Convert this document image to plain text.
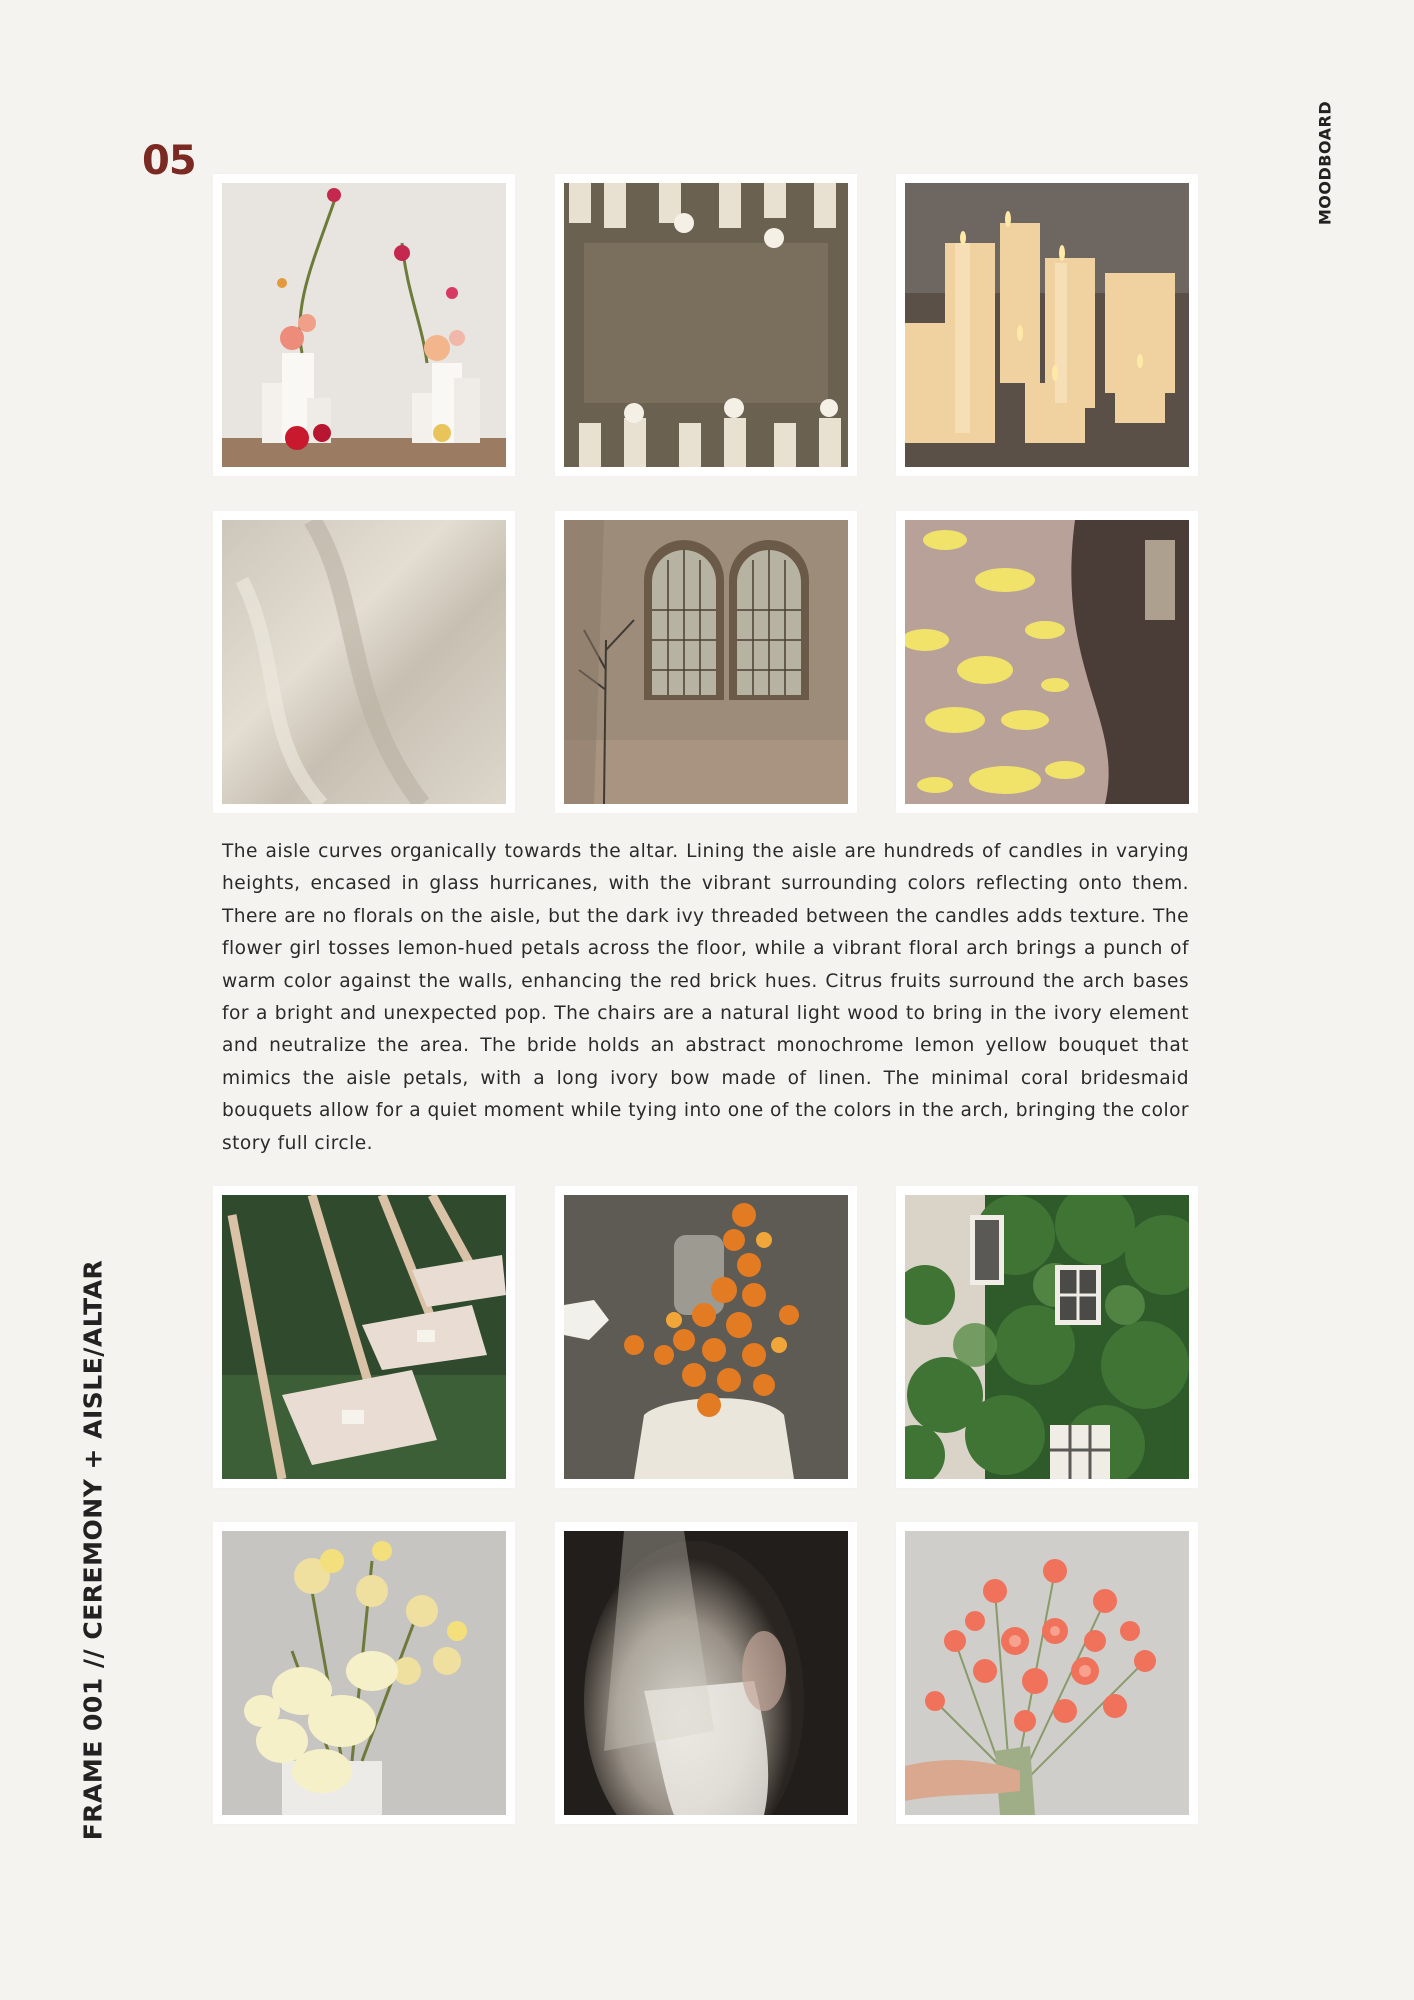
05	MOODBOARD
FRAME 001 // CEREMONY + AISLE/ALTAR

The aisle curves organically towards the altar. Lining the aisle are hundreds of candles in varying heights, encased in glass hurricanes, with the vibrant surrounding colors reflecting onto them. There are no florals on the aisle, but the dark ivy threaded between the candles adds texture. The flower girl tosses lemon-hued petals across the floor, while a vibrant floral arch brings a punch of warm color against the walls, enhancing the red brick hues. Citrus fruits surround the arch bases for a bright and unexpected pop. The chairs are a natural light wood to bring in the ivory element and neutralize the area. The bride holds an abstract monochrome lemon yellow bouquet that mimics the aisle petals, with a long ivory bow made of linen. The minimal coral bridesmaid bouquets allow for a quiet moment while tying into one of the colors in the arch, bringing the color story full circle.
